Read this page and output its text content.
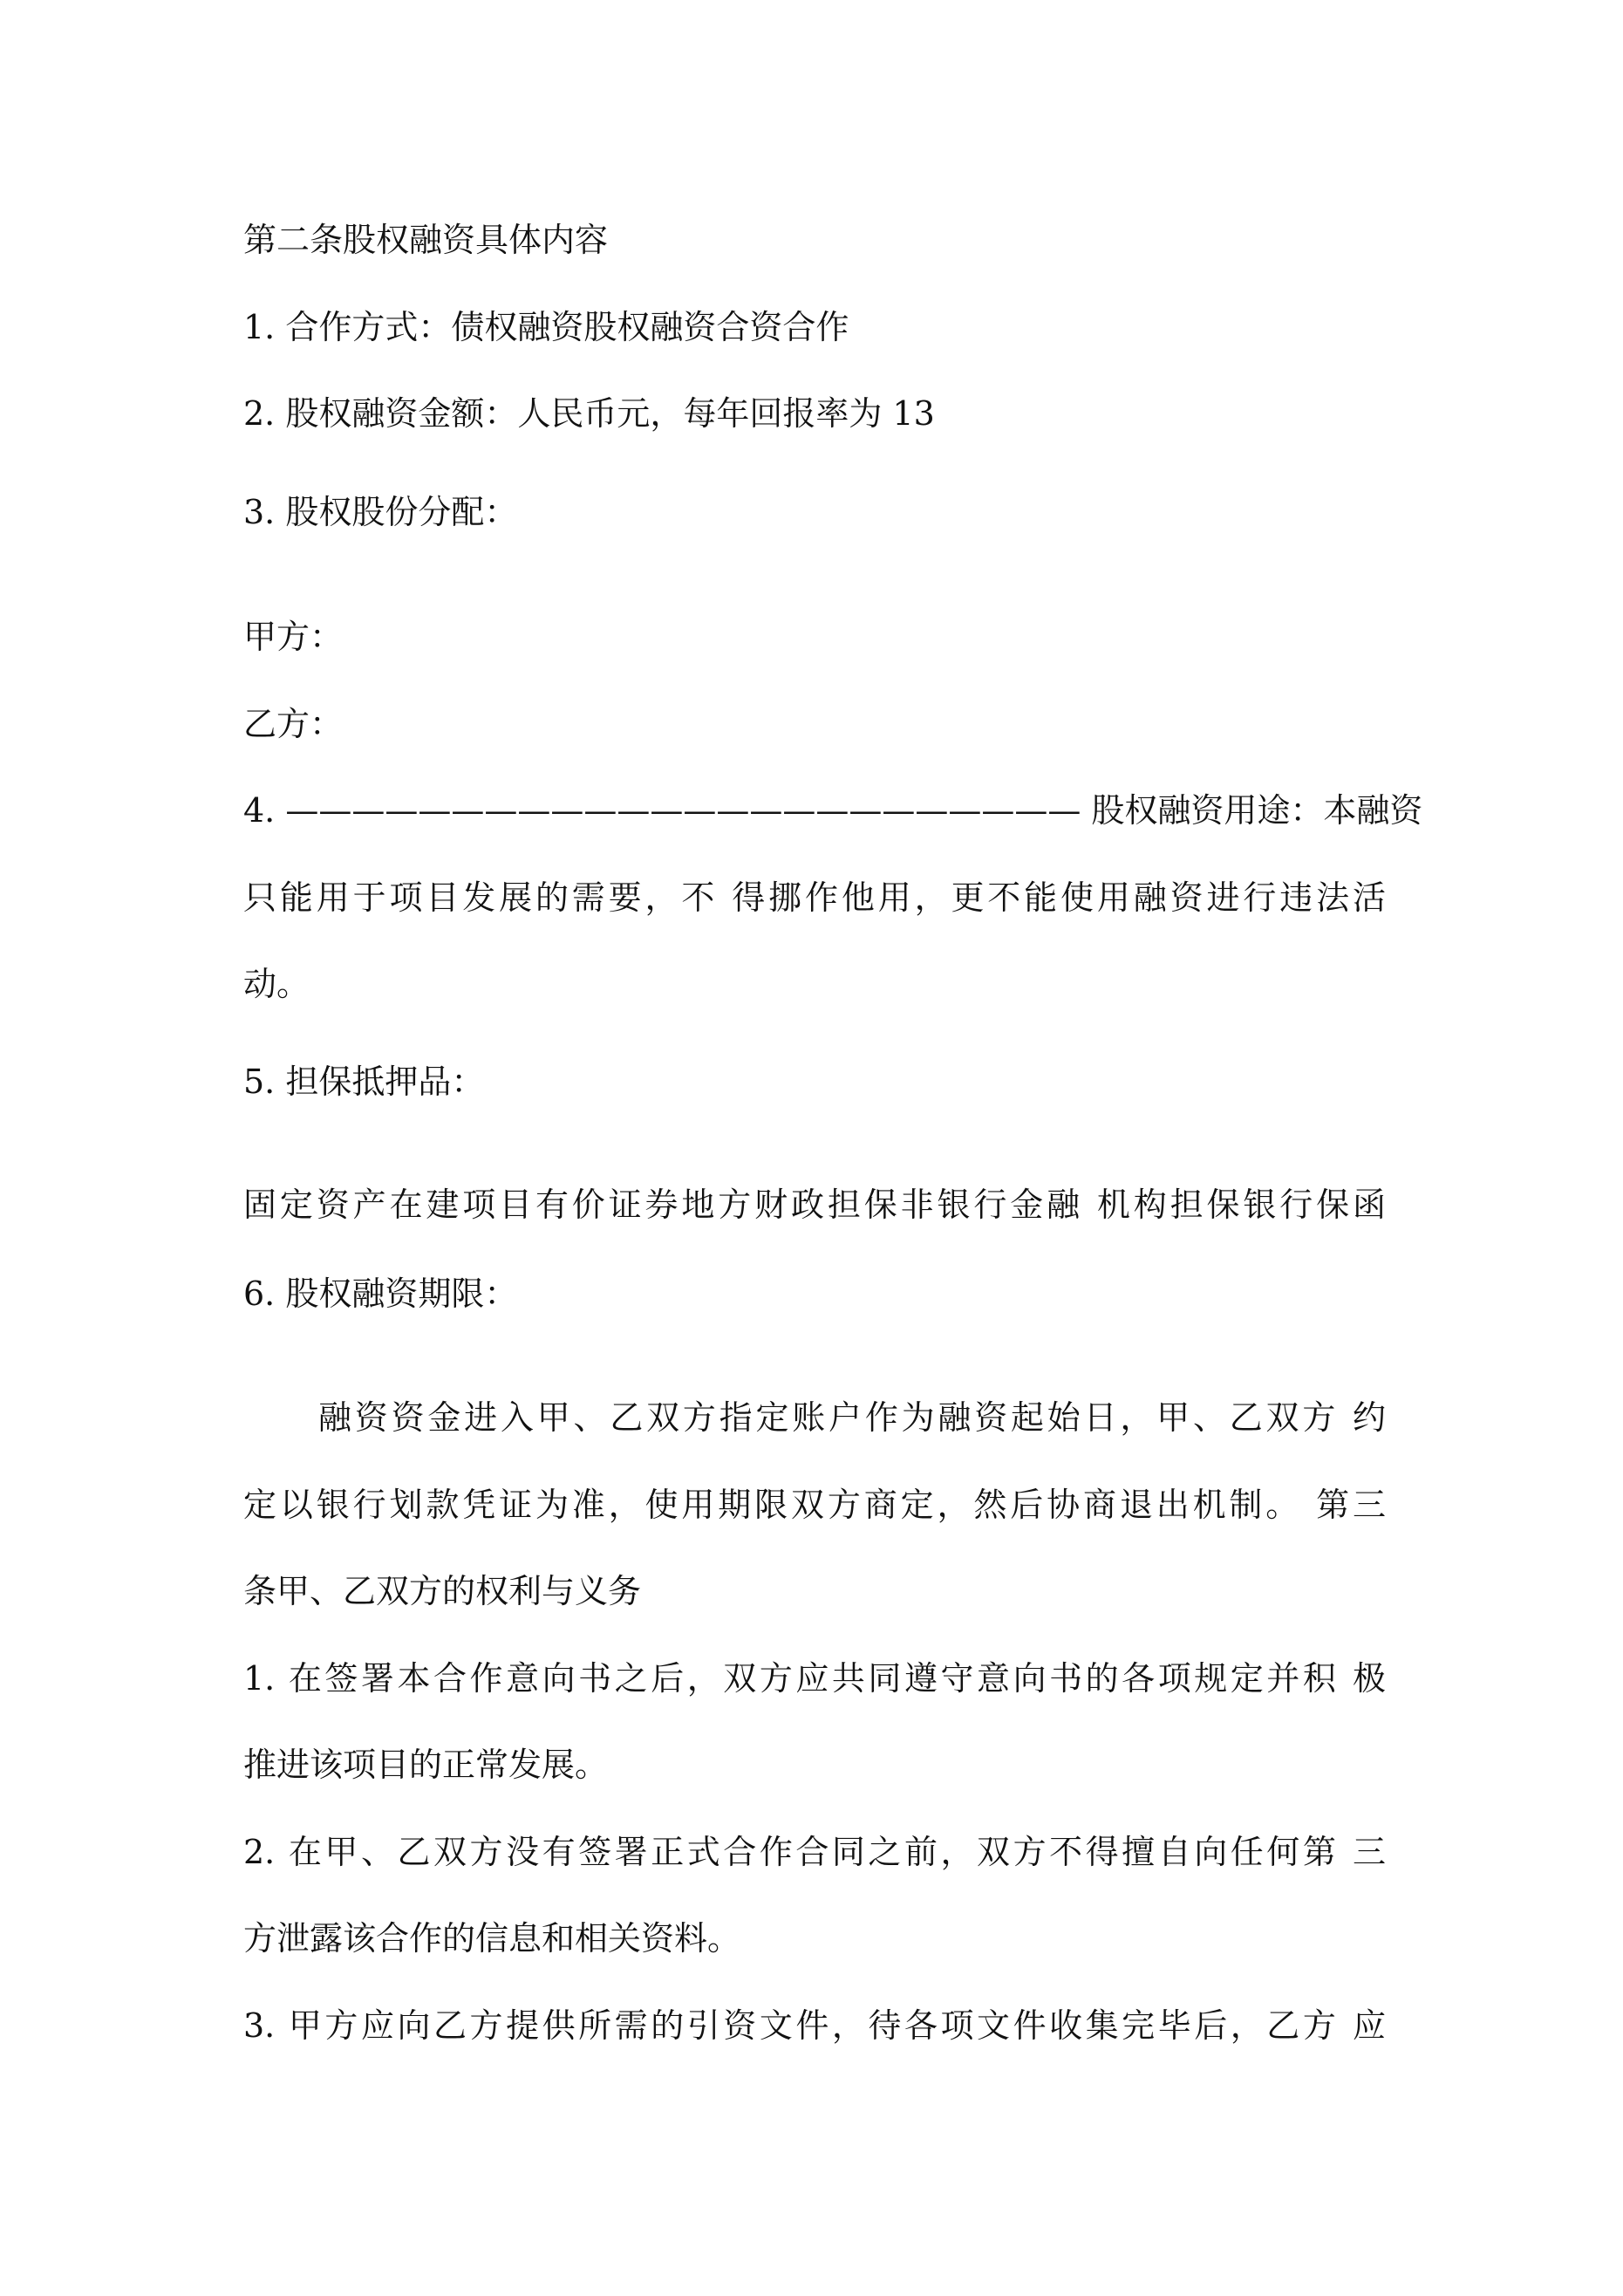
第二条股权融资具体内容
1. 合作方式：债权融资股权融资合资合作
2. 股权融资金额：人民币元，每年回报率为 13
3. 股权股份分配：
甲方：
乙方：
4. ———————————————————————— 股权融资用途：本融资
只能用于项目发展的需要，不 得挪作他用，更不能使用融资进行违法活
动。
5. 担保抵押品：
固定资产在建项目有价证券地方财政担保非银行金融 机构担保银行保函
6. 股权融资期限：
融资资金进入甲、乙双方指定账户作为融资起始日，甲、乙双方 约
定以银行划款凭证为准，使用期限双方商定，然后协商退出机制。 第三
条甲、乙双方的权利与义务
1. 在签署本合作意向书之后，双方应共同遵守意向书的各项规定并积 极
推进该项目的正常发展。
2. 在甲、乙双方没有签署正式合作合同之前，双方不得擅自向任何第 三
方泄露该合作的信息和相关资料。
3. 甲方应向乙方提供所需的引资文件，待各项文件收集完毕后，乙方 应
